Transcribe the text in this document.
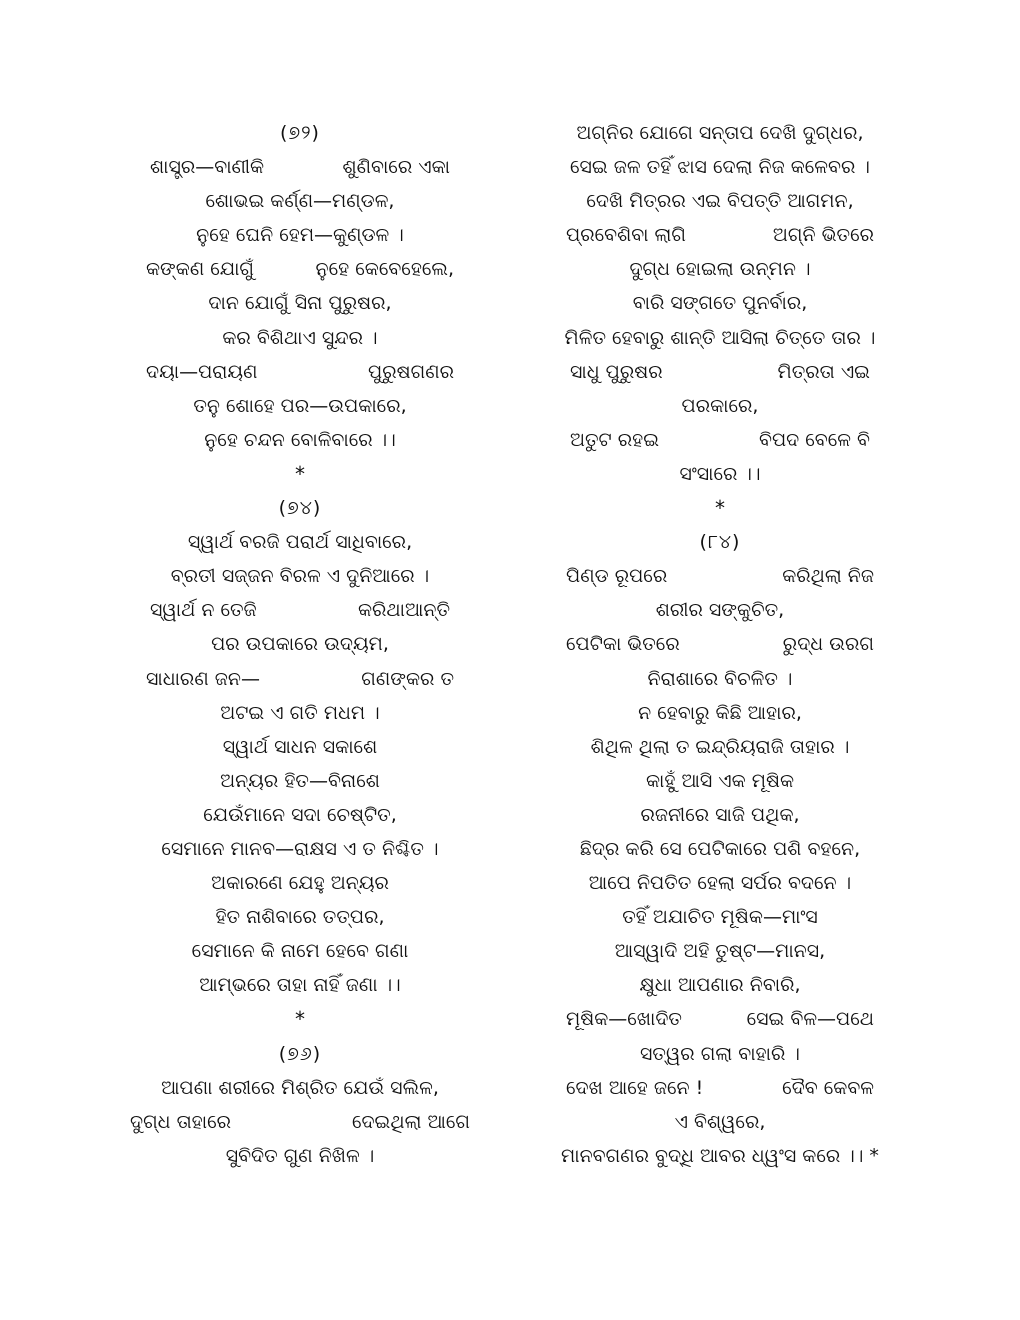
(୭୨)
ଶାସ୍ତ୍ର—ବାଣୀକି	ଶୁଣିବାରେ ଏକା
ଶୋଭଇ କର୍ଣ୍ଣ—ମଣ୍ଡଳ,
ନୁହେ ଘେନି ହେମ—କୁଣ୍ଡଳ ।
କଙ୍କଣ ଯୋଗୁଁ	ନୁହେ କେବେହେଲେ,
ଦାନ ଯୋଗୁଁ ସିନା ପୁରୁଷର,
କର ବିଶିଥାଏ ସୁନ୍ଦର ।
ଦୟା—ପରାୟଣ	ପୁରୁଷଗଣର
ତନୁ ଶୋହେ ପର—ଉପକାରେ,
ନୁହେ ଚନ୍ଦନ ବୋଳିବାରେ ।।
*
(୭୪)
ସ୍ୱାର୍ଥ ବରଜି ପରାର୍ଥ ସାଧିବାରେ,
ବ୍ରତୀ ସଜ୍ଜନ ବିରଳ ଏ ଦୁନିଆରେ ।
ସ୍ୱାର୍ଥ ନ ତେଜି	କରିଥାଆନ୍ତି
ପର ଉପକାରେ ଉଦ୍ୟମ,
ସାଧାରଣ ଜନ—	ଗଣଙ୍କର ତ
ଅଟଇ ଏ ଗତି ମଧମ ।
ସ୍ୱାର୍ଥ ସାଧନ ସକାଶେ
ଅନ୍ୟର ହିତ—ବିନାଶେ
ଯେଉଁମାନେ ସଦା ଚେଷ୍ଟିତ,
ସେମାନେ ମାନବ—ରାକ୍ଷସ ଏ ତ ନିଶ୍ଚିତ ।
ଅକାରଣେ ଯେହୁ ଅନ୍ୟର
ହିତ ନାଶିବାରେ ତତ୍ପର,
ସେମାନେ କି ନାମେ ହେବେ ଗଣା
ଆମ୍ଭରେ ତାହା ନାହିଁ ଜଣା ।।
*
(୭୬)
ଆପଣା ଶରୀରେ ମିଶ୍ରିତ ଯେଉଁ ସଲିଳ,
ଦୁଗ୍ଧ ତାହାରେ	ଦେଇଥିଲା ଆଗେ
ସୁବିଦିତ ଗୁଣ ନିଖିଳ ।
ଅଗ୍ନିର ଯୋଗେ ସନ୍ତାପ ଦେଖି ଦୁଗ୍ଧର,
ସେଇ ଜଳ ତହିଁ ଝାସ ଦେଲା ନିଜ କଳେବର ।
ଦେଖି ମିତ୍ରର ଏଇ ବିପତ୍ତି ଆଗମନ,
ପ୍ରବେଶିବା ଲାଗି	ଅଗ୍ନି ଭିତରେ
ଦୁଗ୍ଧ ହୋଇଲା ଉନ୍ମନ ।
ବାରି ସଙ୍ଗତେ ପୁନର୍ବାର,
ମିଳିତ ହେବାରୁ ଶାନ୍ତି ଆସିଲା ଚିତ୍ତେ ତାର ।
ସାଧୁ ପୁରୁଷର	ମିତ୍ରତା ଏଇ
ପରକାରେ,
ଅତୁଟ ରହଇ	ବିପଦ ବେଳେ ବି
ସଂସାରେ ।।
*
(୮୪)
ପିଣ୍ଡ ରୂପରେ	କରିଥିଲା ନିଜ
ଶରୀର ସଙ୍କୁଚିତ,
ପେଟିକା ଭିତରେ	ରୁଦ୍ଧ ଉରଗ
ନିରାଶାରେ ବିଚଳିତ ।
ନ ହେବାରୁ କିଛି ଆହାର,
ଶିଥିଳ ଥିଲା ତ ଇନ୍ଦ୍ରିୟରାଜି ତାହାର ।
କାହୁଁ ଆସି ଏକ ମୂଷିକ
ରଜନୀରେ ସାଜି ପଥିକ,
ଛିଦ୍ର କରି ସେ ପେଟିକାରେ ପଶି ବହନେ,
ଆପେ ନିପତିତ ହେଲା ସର୍ପର ବଦନେ ।
ତହିଁ ଅଯାଚିତ ମୂଷିକ—ମାଂସ
ଆସ୍ୱାଦି ଅହି ତୁଷ୍ଟ—ମାନସ,
କ୍ଷୁଧା ଆପଣାର ନିବାରି,
ମୂଷିକ—ଖୋଦିତ	ସେଇ ବିଳ—ପଥେ
ସତ୍ୱର ଗଲା ବାହାରି ।
ଦେଖ ଆହେ ଜନେ !	ଦୈବ କେବଳ
ଏ ବିଶ୍ୱରେ,
ମାନବଗଣର ବୁଦ୍ଧି ଆବର ଧ୍ୱଂସ କରେ ।। *
